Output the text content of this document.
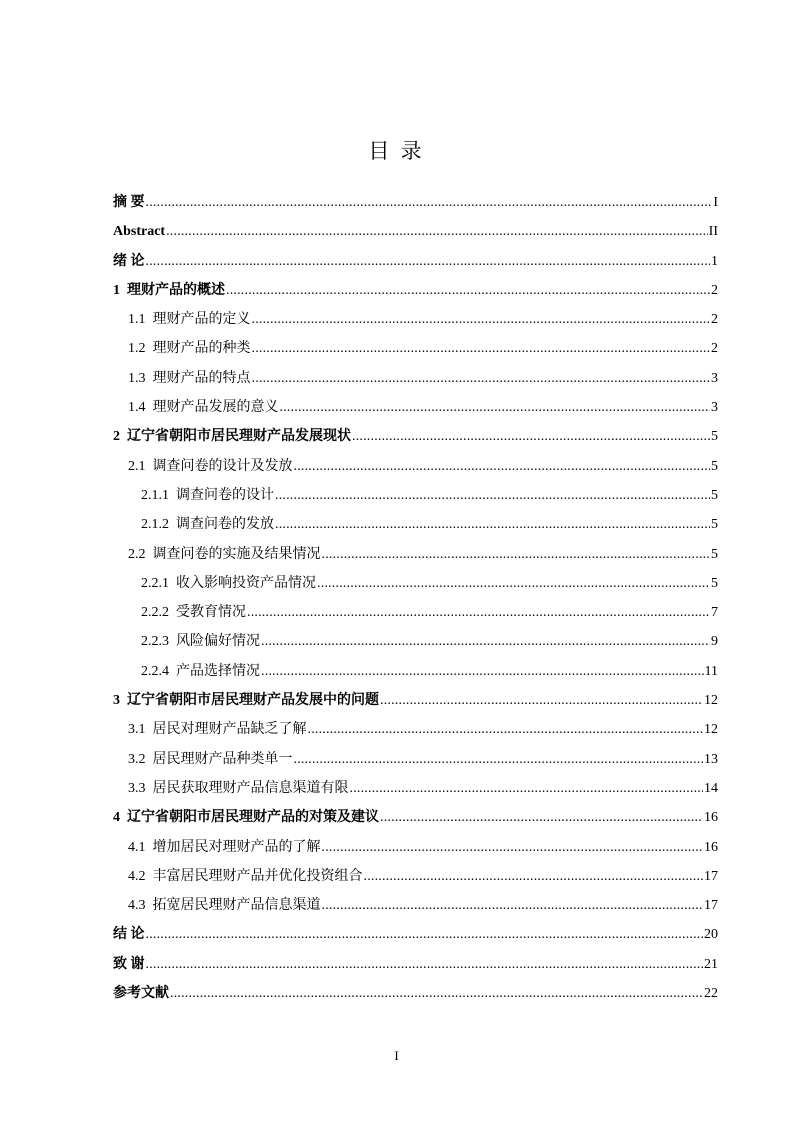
目 录
摘 要 .....	I
Abstract .....	II
绪 论 .....	1
1 理财产品的概述 .....	2
1.1 理财产品的定义 .....	2
1.2 理财产品的种类 .....	2
1.3 理财产品的特点 .....	3
1.4 理财产品发展的意义 .....	3
2 辽宁省朝阳市居民理财产品发展现状 .....	5
2.1 调查问卷的设计及发放 .....	5
2.1.1 调查问卷的设计 .....	5
2.1.2 调查问卷的发放 .....	5
2.2 调查问卷的实施及结果情况 .....	5
2.2.1 收入影响投资产品情况 .....	5
2.2.2 受教育情况 .....	7
2.2.3 风险偏好情况 .....	9
2.2.4 产品选择情况 .....	11
3 辽宁省朝阳市居民理财产品发展中的问题 .....	12
3.1 居民对理财产品缺乏了解 .....	12
3.2 居民理财产品种类单一 .....	13
3.3 居民获取理财产品信息渠道有限 .....	14
4 辽宁省朝阳市居民理财产品的对策及建议 .....	16
4.1 增加居民对理财产品的了解 .....	16
4.2 丰富居民理财产品并优化投资组合 .....	17
4.3 拓宽居民理财产品信息渠道 .....	17
结 论 .....	20
致 谢 .....	21
参考文献 .....	22
I
